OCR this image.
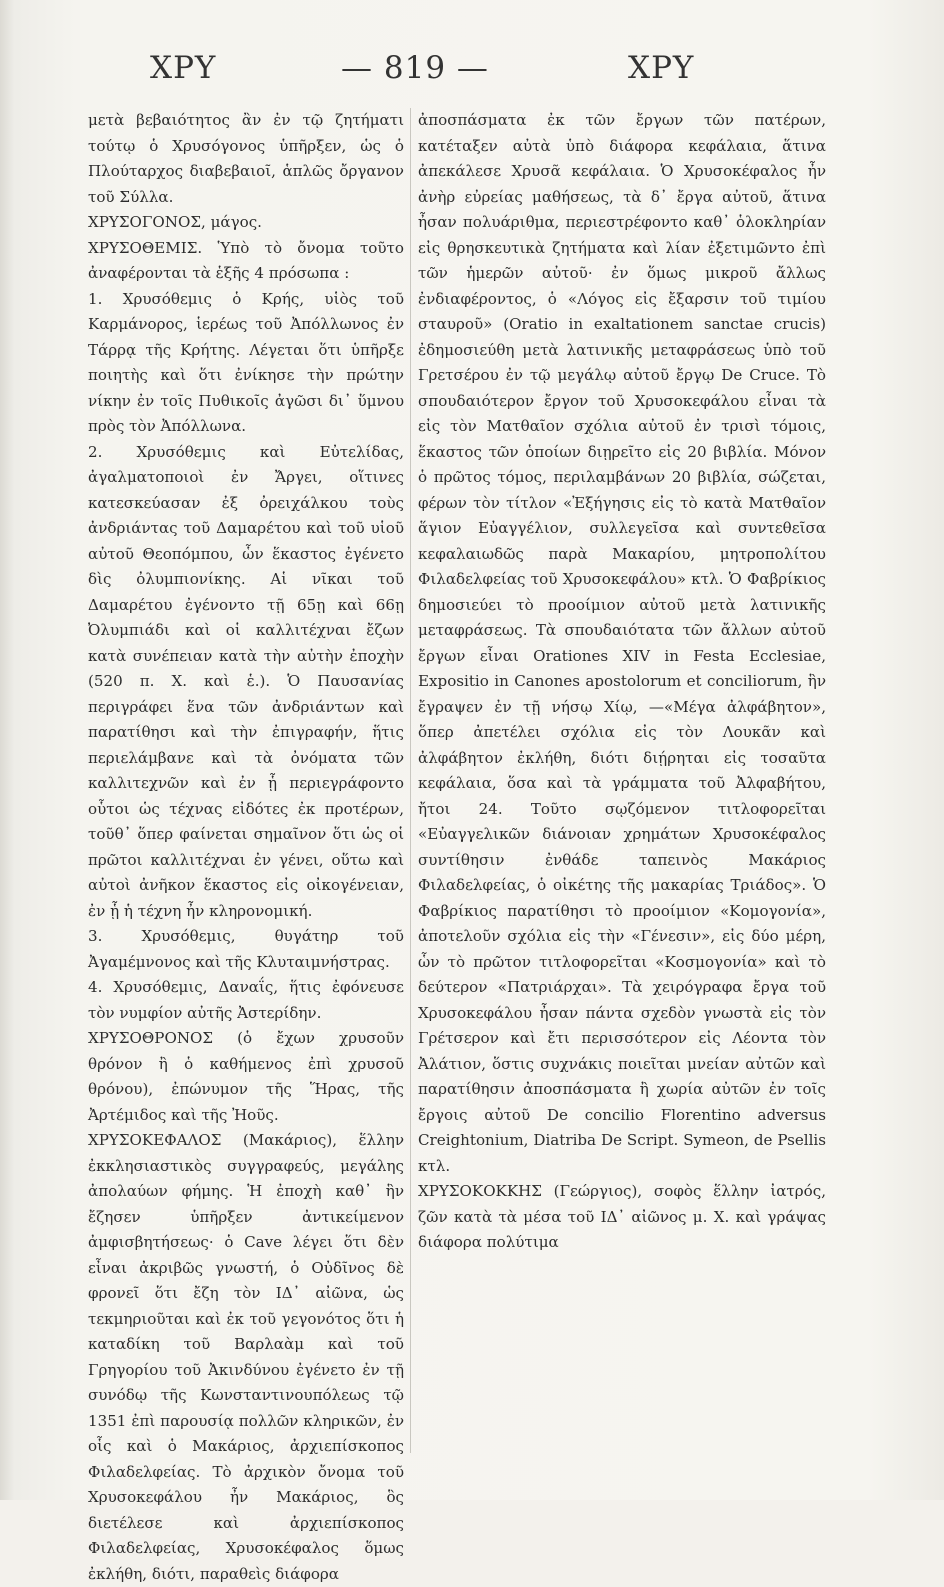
ΧΡΥ	— 819 —	ΧΡΥ

μετὰ βεβαιότητος ἂν ἐν τῷ ζητήματι τούτῳ ὁ Χρυσόγονος ὑπῆρξεν, ὡς ὁ Πλούταρχος διαβεβαιοῖ, ἁπλῶς ὄργανον τοῦ Σύλλα.

ΧΡΥΣΟΓΟΝΟΣ, μάγος.

ΧΡΥΣΟΘΕΜΙΣ. Ὑπὸ τὸ ὄνομα τοῦτο ἀναφέρονται τὰ ἑξῆς 4 πρόσωπα :

1. Χρυσόθεμις ὁ Κρής, υἱὸς τοῦ Καρμάνορος, ἱερέως τοῦ Ἀπόλλωνος ἐν Τάρρᾳ τῆς Κρήτης. Λέγεται ὅτι ὑπῆρξε ποιητὴς καὶ ὅτι ἐνίκησε τὴν πρώτην νίκην ἐν τοῖς Πυθικοῖς ἀγῶσι δι᾽ ὕμνου πρὸς τὸν Ἀπόλλωνα.

2. Χρυσόθεμις καὶ Εὐτελίδας, ἀγαλματοποιοὶ ἐν Ἄργει, οἵτινες κατεσκεύασαν ἐξ ὀρειχάλκου τοὺς ἀνδριάντας τοῦ Δαμαρέτου καὶ τοῦ υἱοῦ αὐτοῦ Θεοπόμπου, ὧν ἕκαστος ἐγένετο δὶς ὀλυμπιονίκης. Αἱ νῖκαι τοῦ Δαμαρέτου ἐγένοντο τῇ 65ῃ καὶ 66ῃ Ὀλυμπιάδι καὶ οἱ καλλιτέχναι ἔζων κατὰ συνέπειαν κατὰ τὴν αὐτὴν ἐποχὴν (520 π. Χ. καὶ ἑ.). Ὁ Παυσανίας περιγράφει ἕνα τῶν ἀνδριάντων καὶ παρατίθησι καὶ τὴν ἐπιγραφήν, ἥτις περιελάμβανε καὶ τὰ ὀνόματα τῶν καλλιτεχνῶν καὶ ἐν ᾗ περιεγράφοντο οὗτοι ὡς τέχνας εἰδότες ἐκ προτέρων, τοῦθ᾽ ὅπερ φαίνεται σημαῖνον ὅτι ὡς οἱ πρῶτοι καλλιτέχναι ἐν γένει, οὕτω καὶ αὐτοὶ ἀνῆκον ἕκαστος εἰς οἰκογένειαν, ἐν ᾗ ἡ τέχνη ἦν κληρονομική.

3. Χρυσόθεμις, θυγάτηρ τοῦ Ἀγαμέμνονος καὶ τῆς Κλυταιμνήστρας.

4. Χρυσόθεμις, Δαναΐς, ἥτις ἐφόνευσε τὸν νυμφίον αὐτῆς Ἀστερίδην.

ΧΡΥΣΟΘΡΟΝΟΣ (ὁ ἔχων χρυσοῦν θρόνον ἢ ὁ καθήμενος ἐπὶ χρυσοῦ θρόνου), ἐπώνυμον τῆς Ἥρας, τῆς Ἀρτέμιδος καὶ τῆς Ἠοῦς.

ΧΡΥΣΟΚΕΦΑΛΟΣ (Μακάριος), ἕλλην ἐκκλησιαστικὸς συγγραφεύς, μεγάλης ἀπολαύων φήμης. Ἡ ἐποχὴ καθ᾽ ἣν ἔζησεν ὑπῆρξεν ἀντικείμενον ἀμφισβητήσεως· ὁ Cave λέγει ὅτι δὲν εἶναι ἀκριβῶς γνωστή, ὁ Οὐδῖνος δὲ φρονεῖ ὅτι ἔζη τὸν ΙΔ᾽ αἰῶνα, ὡς τεκμηριοῦται καὶ ἐκ τοῦ γεγονότος ὅτι ἡ καταδίκη τοῦ Βαρλαὰμ καὶ τοῦ Γρηγορίου τοῦ Ἀκινδύνου ἐγένετο ἐν τῇ συνόδῳ τῆς Κωνσταντινουπόλεως τῷ 1351 ἐπὶ παρουσίᾳ πολλῶν κληρικῶν, ἐν οἷς καὶ ὁ Μακάριος, ἀρχιεπίσκοπος Φιλαδελφείας. Τὸ ἀρχικὸν ὄνομα τοῦ Χρυσοκεφάλου ἦν Μακάριος, ὃς διετέλεσε καὶ ἀρχιεπίσκοπος Φιλαδελφείας, Χρυσοκέφαλος ὅμως ἐκλήθη, διότι, παραθεὶς διάφορα

ἀποσπάσματα ἐκ τῶν ἔργων τῶν πατέρων, κατέταξεν αὐτὰ ὑπὸ διάφορα κεφάλαια, ἅτινα ἀπεκάλεσε Χρυσᾶ κεφάλαια. Ὁ Χρυσοκέφαλος ἦν ἀνὴρ εὐρείας μαθήσεως, τὰ δ᾽ ἔργα αὐτοῦ, ἅτινα ἦσαν πολυάριθμα, περιεστρέφοντο καθ᾽ ὁλοκληρίαν εἰς θρησκευτικὰ ζητήματα καὶ λίαν ἐξετιμῶντο ἐπὶ τῶν ἡμερῶν αὐτοῦ· ἐν ὅμως μικροῦ ἄλλως ἐνδιαφέροντος, ὁ «Λόγος εἰς ἔξαρσιν τοῦ τιμίου σταυροῦ» (Oratio in exaltationem sanctae crucis) ἐδημοσιεύθη μετὰ λατινικῆς μεταφράσεως ὑπὸ τοῦ Γρετσέρου ἐν τῷ μεγάλῳ αὐτοῦ ἔργῳ De Cruce. Τὸ σπουδαιότερον ἔργον τοῦ Χρυσοκεφάλου εἶναι τὰ εἰς τὸν Ματθαῖον σχόλια αὐτοῦ ἐν τρισὶ τόμοις, ἕκαστος τῶν ὁποίων διῃρεῖτο εἰς 20 βιβλία. Μόνον ὁ πρῶτος τόμος, περιλαμβάνων 20 βιβλία, σώζεται, φέρων τὸν τίτλον «Ἐξήγησις εἰς τὸ κατὰ Ματθαῖον ἅγιον Εὐαγγέλιον, συλλεγεῖσα καὶ συντεθεῖσα κεφαλαιωδῶς παρὰ Μακαρίου, μητροπολίτου Φιλαδελφείας τοῦ Χρυσοκεφάλου» κτλ. Ὁ Φαβρίκιος δημοσιεύει τὸ προοίμιον αὐτοῦ μετὰ λατινικῆς μεταφράσεως. Τὰ σπουδαιότατα τῶν ἄλλων αὐτοῦ ἔργων εἶναι Orationes XIV in Festa Ecclesiae, Expositio in Canones apostolorum et conciliorum, ἣν ἔγραψεν ἐν τῇ νήσῳ Χίῳ, —«Μέγα ἀλφάβητον», ὅπερ ἀπετέλει σχόλια εἰς τὸν Λουκᾶν καὶ ἀλφάβητον ἐκλήθη, διότι διῄρηται εἰς τοσαῦτα κεφάλαια, ὅσα καὶ τὰ γράμματα τοῦ Ἀλφαβήτου, ἤτοι 24. Τοῦτο σῳζόμενον τιτλοφορεῖται «Εὐαγγελικῶν διάνοιαν χρημάτων Χρυσοκέφαλος συντίθησιν ἐνθάδε ταπεινὸς Μακάριος Φιλαδελφείας, ὁ οἰκέτης τῆς μακαρίας Τριάδος». Ὁ Φαβρίκιος παρατίθησι τὸ προοίμιον «Κομογονία», ἀποτελοῦν σχόλια εἰς τὴν «Γένεσιν», εἰς δύο μέρη, ὧν τὸ πρῶτον τιτλοφορεῖται «Κοσμογονία» καὶ τὸ δεύτερον «Πατριάρχαι». Τὰ χειρόγραφα ἔργα τοῦ Χρυσοκεφάλου ἦσαν πάντα σχεδὸν γνωστὰ εἰς τὸν Γρέτσερον καὶ ἔτι περισσότερον εἰς Λέοντα τὸν Ἀλάτιον, ὅστις συχνάκις ποιεῖται μνείαν αὐτῶν καὶ παρατίθησιν ἀποσπάσματα ἢ χωρία αὐτῶν ἐν τοῖς ἔργοις αὐτοῦ De concilio Florentino adversus Creightonium, Diatriba De Script. Symeon, de Psellis κτλ.

ΧΡΥΣΟΚΟΚΚΗΣ (Γεώργιος), σοφὸς ἕλλην ἰατρός, ζῶν κατὰ τὰ μέσα τοῦ ΙΔ᾽ αἰῶνος μ. Χ. καὶ γράψας διάφορα πολύτιμα
